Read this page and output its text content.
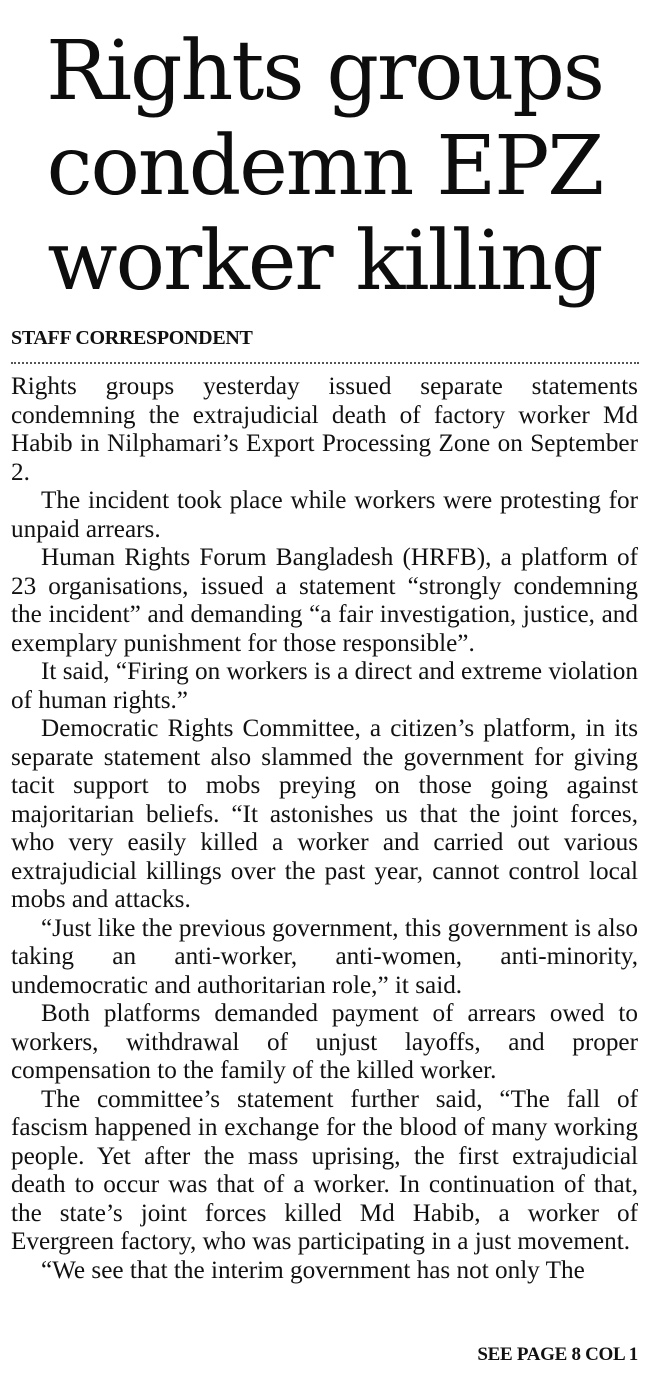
Rights groups
condemn EPZ
worker killing
STAFF CORRESPONDENT

Rights groups yesterday issued separate statements condemning the extrajudicial death of factory worker Md Habib in Nilphamari’s Export Processing Zone on September 2.

The incident took place while workers were protesting for unpaid arrears.

Human Rights Forum Bangladesh (HRFB), a platform of 23 organisations, issued a statement “strongly condemning the incident” and demanding “a fair investigation, justice, and exemplary punishment for those responsible”.

It said, “Firing on workers is a direct and extreme violation of human rights.”

Democratic Rights Committee, a citizen’s platform, in its separate statement also slammed the government for giving tacit support to mobs preying on those going against majoritarian beliefs. “It astonishes us that the joint forces, who very easily killed a worker and carried out various extrajudicial killings over the past year, cannot control local mobs and attacks.

“Just like the previous government, this government is also taking an anti-worker, anti-women, anti-minority, undemocratic and authoritarian role,” it said.

Both platforms demanded payment of arrears owed to workers, withdrawal of unjust layoffs, and proper compensation to the family of the killed worker.

The committee’s statement further said, “The fall of fascism happened in exchange for the blood of many working people. Yet after the mass uprising, the first extrajudicial death to occur was that of a worker. In continuation of that, the state’s joint forces killed Md Habib, a worker of Evergreen factory, who was participating in a just movement.

“We see that the interim government has not only The

SEE PAGE 8 COL 1
